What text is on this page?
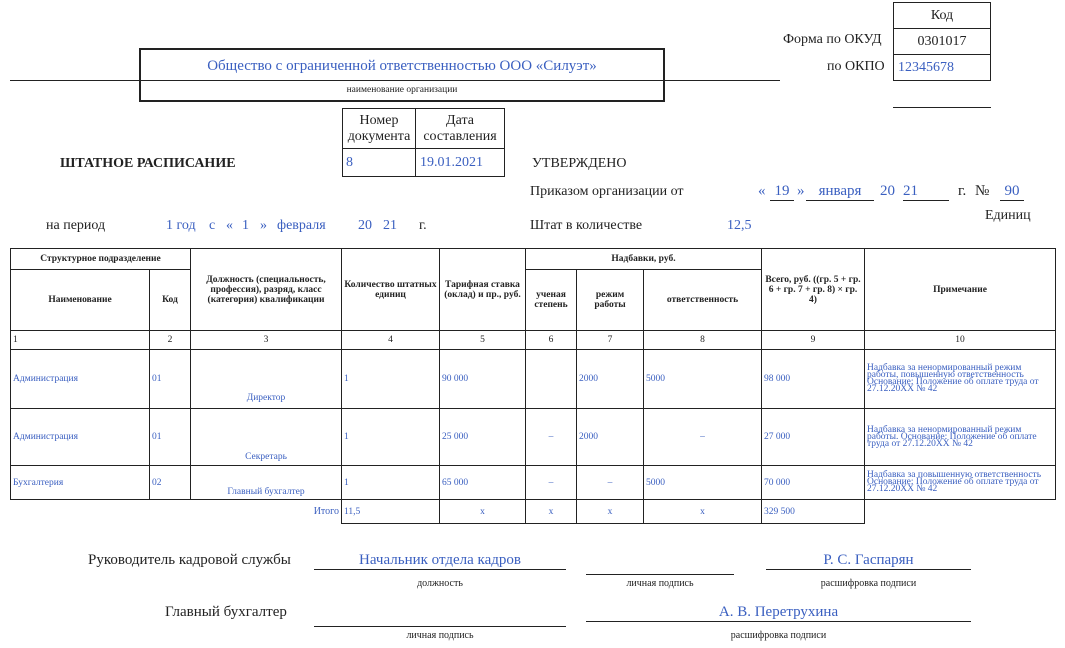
Код
0301017
12345678
Форма по ОКУД
по ОКПО
Общество с ограниченной ответственностью ООО «Силуэт»
наименование организации
Номер документа	Дата составления
8	19.01.2021
ШТАТНОЕ РАСПИСАНИЕ	УТВЕРЖДЕНО
Приказом организации от	« 19 » января	20 21	г. №	90
на период	1 год с « 1 » февраля 20 21 г.	Штат в количестве	12,5
Единиц
Структурное подразделение		Должность (специальность, профессия), разряд, класс (категория) квалификации	Количество штатных единиц	Тарифная ставка (оклад) и пр., руб.	Надбавки, руб.			Всего, руб. ((гр. 5 + гр. 6 + гр. 7 + гр. 8) × гр. 4)	Примечание
Наименование	Код				ученая степень	режим работы	ответственность		
1	2	3	4	5	6	7	8	9	10
Администрация	01	Директор	1	90 000		2000	5000	98 000	Надбавка за ненормированный режим работы, повышенную ответственность Основание: Положение об оплате труда от 27.12.20XX № 42
Администрация	01	Секретарь	1	25 000	–	2000	–	27 000	Надбавка за ненормированный режим работы. Основание: Положение об оплате труда от 27.12.20XX № 42
Бухгалтерия	02	Главный бухгалтер	1	65 000	–	–	5000	70 000	Надбавка за повышенную ответственность Основание: Положение об оплате труда от 27.12.20XX № 42
	Итого		11,5	x	x	x	x	329 500	
Руководитель кадровой службы	Начальник отдела кадров	Р. С. Гаспарян
должность	личная подпись	расшифровка подписи
Главный бухгалтер	А. В. Перетрухина
личная подпись	расшифровка подписи
